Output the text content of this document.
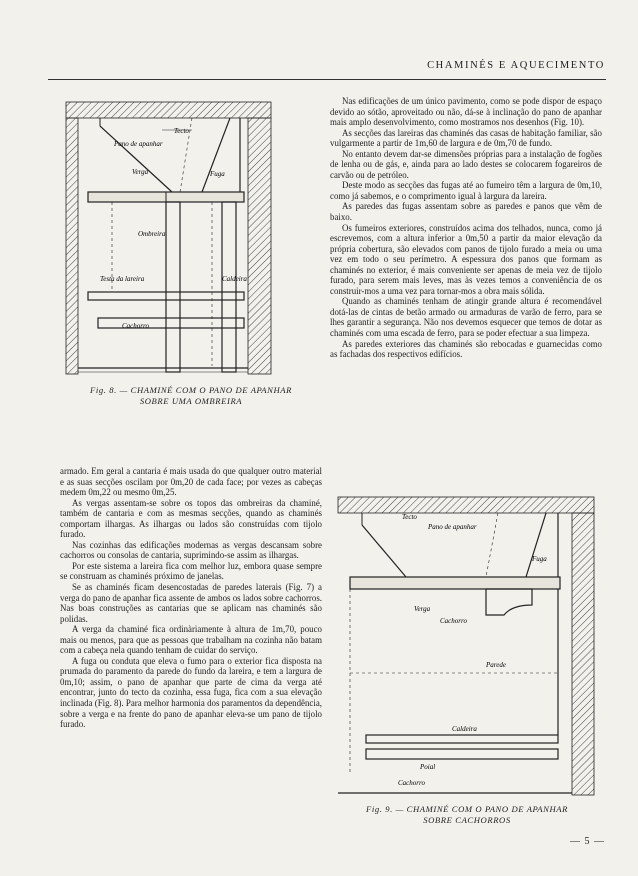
CHAMINÉS E AQUECIMENTO
Tecto
Pano de apanhar
Verga	Fuga
Ombreira
Testa da lareira	Caldeira
Cachorro
Fig. 8. — CHAMINÉ COM O PANO DE APANHAR
SOBRE UMA OMBREIRA

armado. Em geral a cantaria é mais usada do que qualquer outro material e as suas secções oscilam por 0m,20 de cada face; por vezes as cabeças medem 0m,22 ou mesmo 0m,25.

As vergas assentam-se sobre os topos das ombreiras da chaminé, também de cantaria e com as mesmas secções, quando as chaminés comportam ilhargas. As ilhargas ou lados são construídas com tijolo furado.

Nas cozinhas das edificações modernas as vergas descansam sobre cachorros ou consolas de cantaria, suprimindo-se assim as ilhargas.

Por este sistema a lareira fica com melhor luz, embora quase sempre se construam as chaminés próximo de janelas.

Se as chaminés ficam desencostadas de paredes laterais (Fig. 7) a verga do pano de apanhar fica assente de ambos os lados sobre cachorros. Nas boas construções as cantarias que se aplicam nas chaminés são polidas.

A verga da chaminé fica ordinàriamente à altura de 1m,70, pouco mais ou menos, para que as pessoas que trabalham na cozinha não batam com a cabeça nela quando tenham de cuidar do serviço.

A fuga ou conduta que eleva o fumo para o exterior fica disposta na prumada do paramento da parede do fundo da lareira, e tem a largura de 0m,10; assim, o pano de apanhar que parte de cima da verga até encontrar, junto do tecto da cozinha, essa fuga, fica com a sua elevação inclinada (Fig. 8). Para melhor harmonia dos paramentos da dependência, sobre a verga e na frente do pano de apanhar eleva-se um pano de tijolo furado.

Nas edificações de um único pavimento, como se pode dispor de espaço devido ao sótão, aproveitado ou não, dá-se à inclinação do pano de apanhar mais amplo desenvolvimento, como mostramos nos desenhos (Fig. 10).

As secções das lareiras das chaminés das casas de habitação familiar, são vulgarmente a partir de 1m,60 de largura e de 0m,70 de fundo.

No entanto devem dar-se dimensões próprias para a instalação de fogões de lenha ou de gás, e, ainda para ao lado destes se colocarem fogareiros de carvão ou de petróleo.

Deste modo as secções das fugas até ao fumeiro têm a largura de 0m,10, como já sabemos, e o comprimento igual à largura da lareira.

As paredes das fugas assentam sobre as paredes e panos que vêm de baixo.

Os fumeiros exteriores, construídos acima dos telhados, nunca, como já escrevemos, com a altura inferior a 0m,50 a partir da maior elevação da própria cobertura, são elevados com panos de tijolo furado a meia ou uma vez em todo o seu perímetro. A espessura dos panos que formam as chaminés no exterior, é mais conveniente ser apenas de meia vez de tijolo furado, para serem mais leves, mas às vezes temos a conveniência de os construir-mos a uma vez para tornar-mos a obra mais sólida.

Quando as chaminés tenham de atingir grande altura é recomendável dotá-las de cintas de betão armado ou armaduras de varão de ferro, para se lhes garantir a segurança. Não nos devemos esquecer que temos de dotar as chaminés com uma escada de ferro, para se poder efectuar a sua limpeza.

As paredes exteriores das chaminés são rebocadas e guarnecidas como as fachadas dos respectivos edifícios.

Tecto
Pano de apanhar
Fuga
Verga
Cachorro
Parede
Caldeira
Poial
Cachorro
Fig. 9. — CHAMINÉ COM O PANO DE APANHAR
SOBRE CACHORROS
— 5 —
